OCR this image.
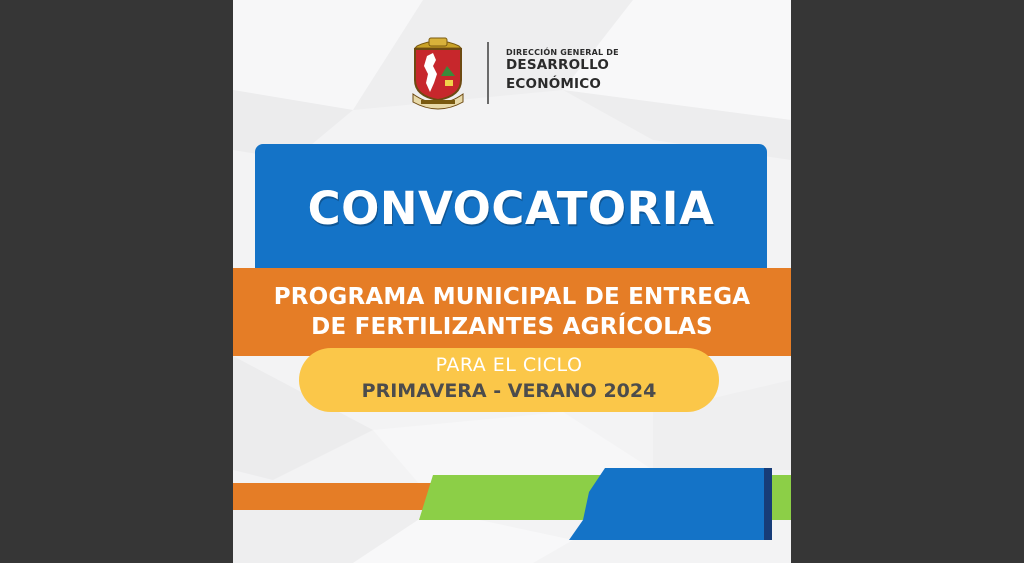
DIRECCIÓN GENERAL DE
DESARROLLO
ECONÓMICO
CONVOCATORIA
PROGRAMA MUNICIPAL DE ENTREGA
DE FERTILIZANTES AGRÍCOLAS
PARA EL CICLO
PRIMAVERA - VERANO 2024
